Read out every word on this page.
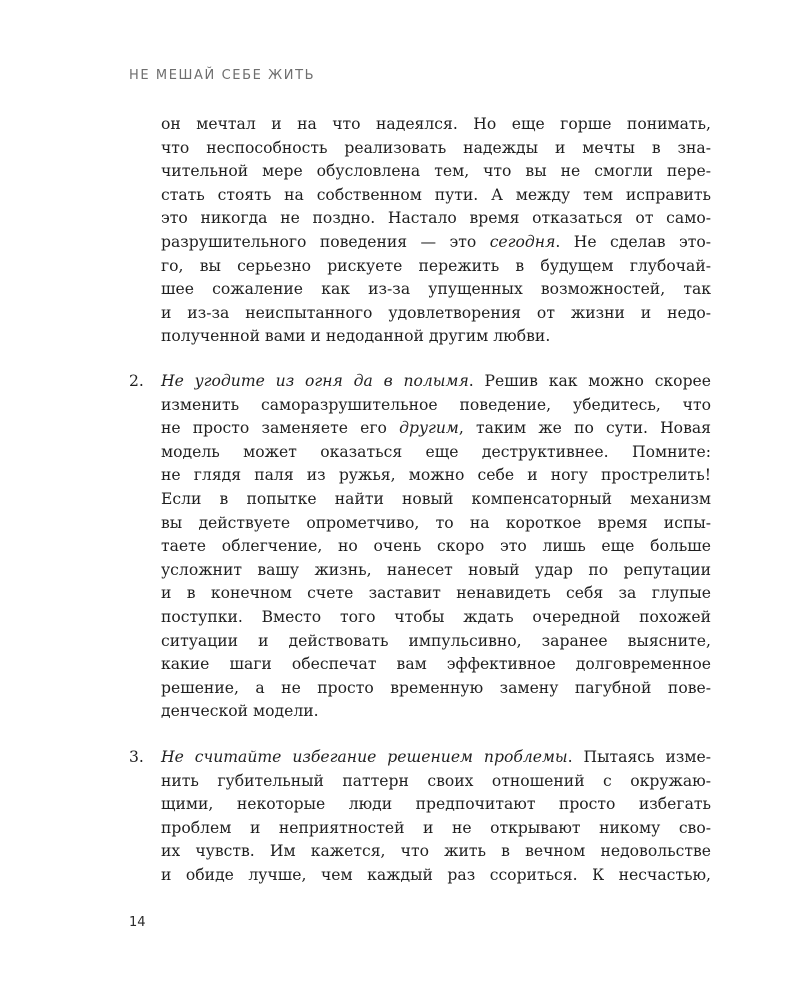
НЕ МЕШАЙ СЕБЕ ЖИТЬ
он мечтал и на что надеялся. Но еще горше понимать,
что неспособность реализовать надежды и мечты в зна-
чительной мере обусловлена тем, что вы не смогли пере-
стать стоять на собственном пути. А между тем исправить
это никогда не поздно. Настало время отказаться от само-
разрушительного поведения — это сегодня. Не сделав это-
го, вы серьезно рискуете пережить в будущем глубочай-
шее сожаление как из-за упущенных возможностей, так
и из-за неиспытанного удовлетворения от жизни и недо-
полученной вами и недоданной другим любви.
2. Не угодите из огня да в полымя. Решив как можно скорее
изменить саморазрушительное поведение, убедитесь, что
не просто заменяете его другим, таким же по сути. Новая
модель может оказаться еще деструктивнее. Помните:
не глядя паля из ружья, можно себе и ногу прострелить!
Если в попытке найти новый компенсаторный механизм
вы действуете опрометчиво, то на короткое время испы-
таете облегчение, но очень скоро это лишь еще больше
усложнит вашу жизнь, нанесет новый удар по репутации
и в конечном счете заставит ненавидеть себя за глупые
поступки. Вместо того чтобы ждать очередной похожей
ситуации и действовать импульсивно, заранее выясните,
какие шаги обеспечат вам эффективное долговременное
решение, а не просто временную замену пагубной пове-
денческой модели.
3. Не считайте избегание решением проблемы. Пытаясь изме-
нить губительный паттерн своих отношений с окружаю-
щими, некоторые люди предпочитают просто избегать
проблем и неприятностей и не открывают никому сво-
их чувств. Им кажется, что жить в вечном недовольстве
и обиде лучше, чем каждый раз ссориться. К несчастью,
14
